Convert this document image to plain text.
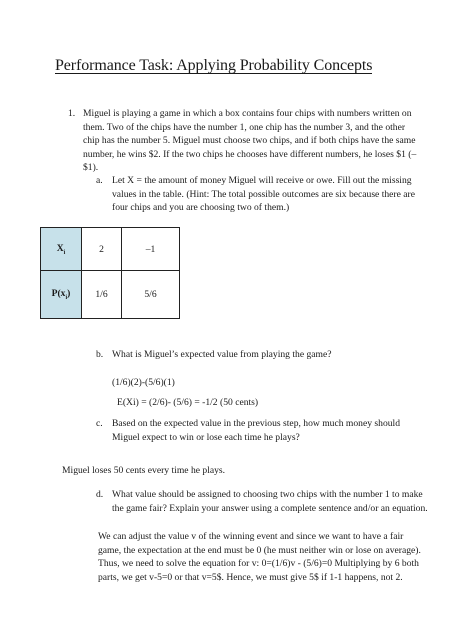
Performance Task: Applying Probability Concepts
1. Miguel is playing a game in which a box contains four chips with numbers written on them. Two of the chips have the number 1, one chip has the number 3, and the other chip has the number 5. Miguel must choose two chips, and if both chips have the same number, he wins $2. If the two chips he chooses have different numbers, he loses $1 (– $1).
a. Let X = the amount of money Miguel will receive or owe. Fill out the missing values in the table. (Hint: The total possible outcomes are six because there are four chips and you are choosing two of them.)
$X_i$	2	–1
$P(x_i)$	1/6	5/6
b. What is Miguel’s expected value from playing the game?
(1/6)(2)-(5/6)(1)
E(Xi) = (2/6)- (5/6) = -1/2 (50 cents)
c. Based on the expected value in the previous step, how much money should Miguel expect to win or lose each time he plays?
Miguel loses 50 cents every time he plays.
d. What value should be assigned to choosing two chips with the number 1 to make the game fair? Explain your answer using a complete sentence and/or an equation.
We can adjust the value v of the winning event and since we want to have a fair game, the expectation at the end must be 0 (he must neither win or lose on average). Thus, we need to solve the equation for v: 0=(1/6)v - (5/6)=0 Multiplying by 6 both parts, we get v-5=0 or that v=5$. Hence, we must give 5$ if 1-1 happens, not 2.
